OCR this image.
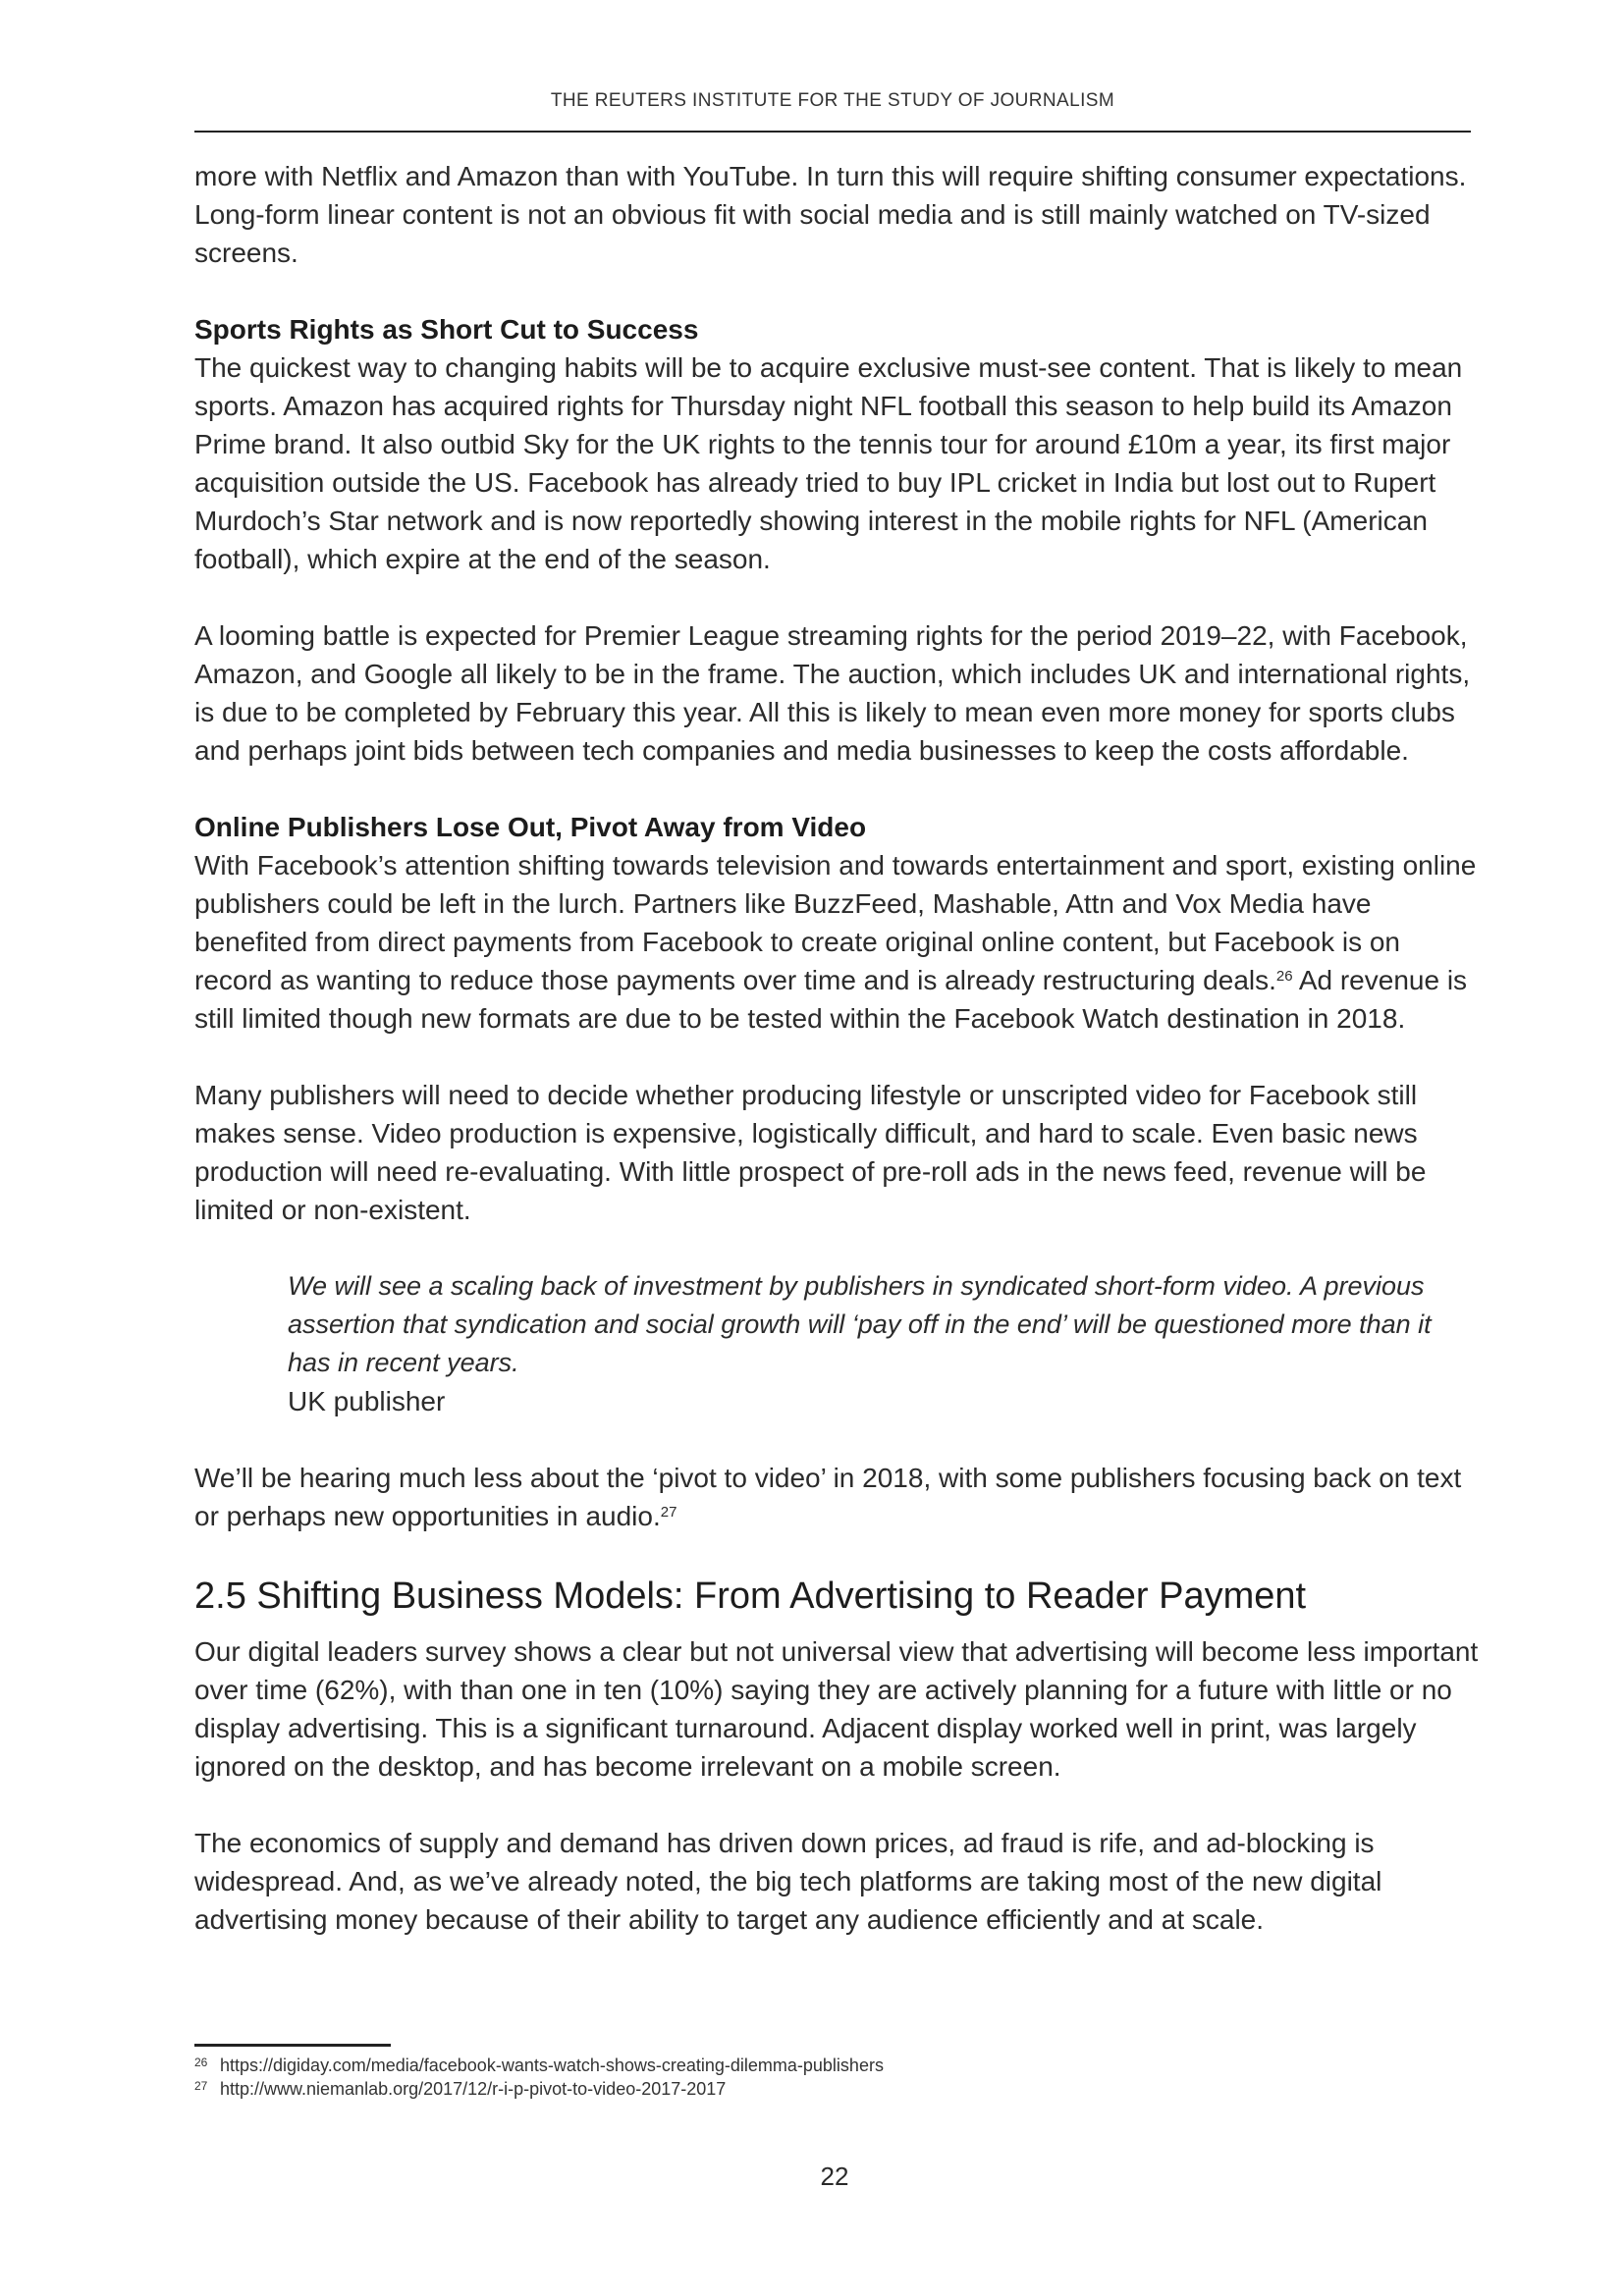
THE REUTERS INSTITUTE FOR THE STUDY OF JOURNALISM

more with Netflix and Amazon than with YouTube. In turn this will require shifting consumer expectations. Long-form linear content is not an obvious fit with social media and is still mainly watched on TV-sized screens.

Sports Rights as Short Cut to Success

The quickest way to changing habits will be to acquire exclusive must-see content. That is likely to mean sports. Amazon has acquired rights for Thursday night NFL football this season to help build its Amazon Prime brand. It also outbid Sky for the UK rights to the tennis tour for around £10m a year, its first major acquisition outside the US. Facebook has already tried to buy IPL cricket in India but lost out to Rupert Murdoch’s Star network and is now reportedly showing interest in the mobile rights for NFL (American football), which expire at the end of the season.

A looming battle is expected for Premier League streaming rights for the period 2019–22, with Facebook, Amazon, and Google all likely to be in the frame. The auction, which includes UK and international rights, is due to be completed by February this year. All this is likely to mean even more money for sports clubs and perhaps joint bids between tech companies and media businesses to keep the costs affordable.

Online Publishers Lose Out, Pivot Away from Video

With Facebook’s attention shifting towards television and towards entertainment and sport, existing online publishers could be left in the lurch. Partners like BuzzFeed, Mashable, Attn and Vox Media have benefited from direct payments from Facebook to create original online content, but Facebook is on record as wanting to reduce those payments over time and is already restructuring deals.$^{26}$ Ad revenue is still limited though new formats are due to be tested within the Facebook Watch destination in 2018.

Many publishers will need to decide whether producing lifestyle or unscripted video for Facebook still makes sense. Video production is expensive, logistically difficult, and hard to scale. Even basic news production will need re-evaluating. With little prospect of pre-roll ads in the news feed, revenue will be limited or non-existent.

We will see a scaling back of investment by publishers in syndicated short-form video. A previous assertion that syndication and social growth will ‘pay off in the end’ will be questioned more than it has in recent years.
UK publisher

We’ll be hearing much less about the ‘pivot to video’ in 2018, with some publishers focusing back on text or perhaps new opportunities in audio.$^{27}$

2.5 Shifting Business Models: From Advertising to Reader Payment

Our digital leaders survey shows a clear but not universal view that advertising will become less important over time (62%), with than one in ten (10%) saying they are actively planning for a future with little or no display advertising. This is a significant turnaround. Adjacent display worked well in print, was largely ignored on the desktop, and has become irrelevant on a mobile screen.

The economics of supply and demand has driven down prices, ad fraud is rife, and ad-blocking is widespread. And, as we’ve already noted, the big tech platforms are taking most of the new digital advertising money because of their ability to target any audience efficiently and at scale.

26 https://digiday.com/media/facebook-wants-watch-shows-creating-dilemma-publishers
27 http://www.niemanlab.org/2017/12/r-i-p-pivot-to-video-2017-2017
22
